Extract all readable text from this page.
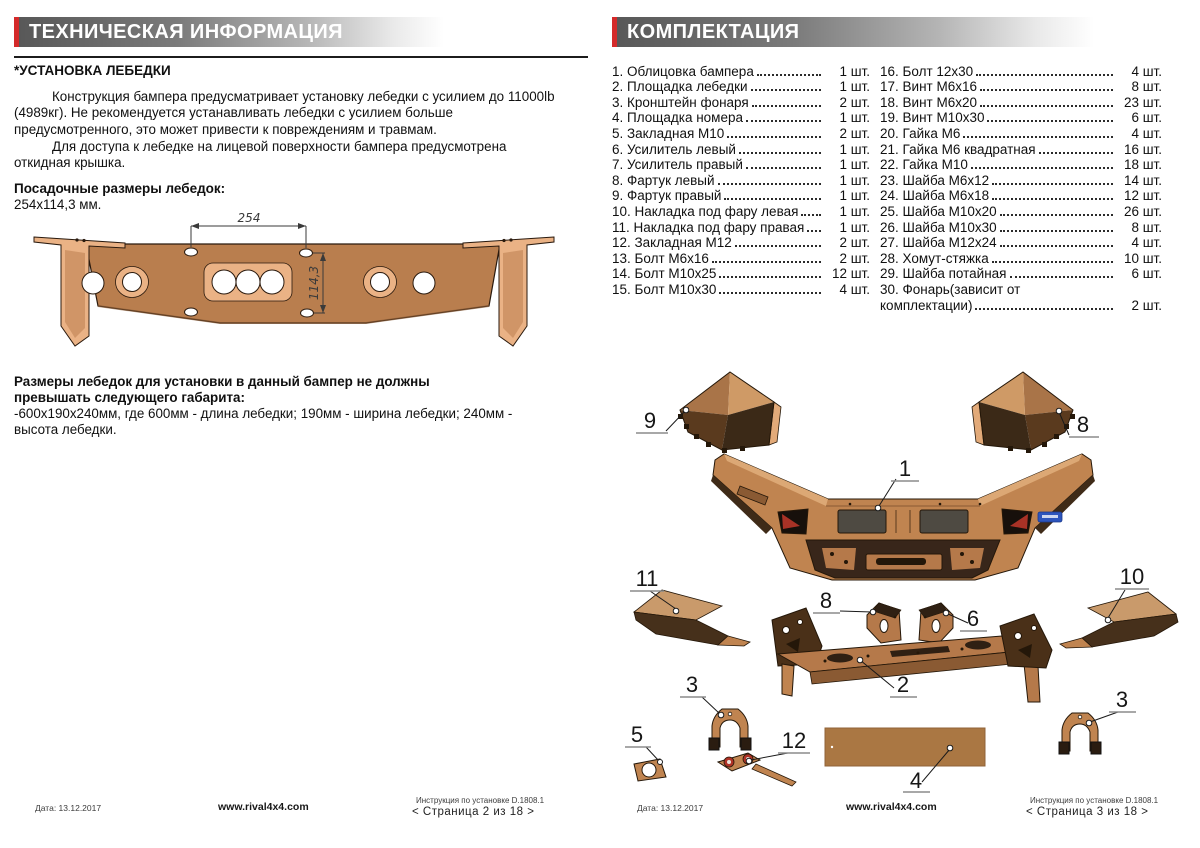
ТЕХНИЧЕСКАЯ ИНФОРМАЦИЯ
*УСТАНОВКА ЛЕБЕДКИ

Конструкция бампера предусматривает установку лебедки с усилием до 11000lb (4989кг). Не рекомендуется устанавливать лебедки с усилием больше предусмотренного, это может привести к повреждениям и травмам.

Для доступа к лебедке на лицевой поверхности бампера предусмотрена откидная крышка.

Посадочные размеры лебедок:
254х114,3 мм.
254
114,3

Размеры лебедок для установки в данный бампер не должны превышать следующего габарита:

-600х190х240мм, где 600мм - длина лебедки; 190мм - ширина лебедки; 240мм - высота лебедки.

Дата: 13.12.2017	www.rival4x4.com
Инструкция по установке D.1808.1
< Страница 2 из 18 >
КОМПЛЕКТАЦИЯ
1. Облицовка бампера	1 шт.
2. Площадка лебедки	1 шт.
3. Кронштейн фонаря	2 шт.
4. Площадка номера	1 шт.
5. Закладная М10	2 шт.
6. Усилитель левый	1 шт.
7. Усилитель правый	1 шт.
8. Фартук левый	1 шт.
9. Фартук правый	1 шт.
10. Накладка под фару левая	1 шт.
11. Накладка под фару правая	1 шт.
12. Закладная М12	2 шт.
13. Болт М6х16	2 шт.
14. Болт М10х25	12 шт.
15. Болт М10х30	4 шт.
16. Болт 12х30	4 шт.
17. Винт М6х16	8 шт.
18. Винт М6х20	23 шт.
19. Винт М10х30	6 шт.
20. Гайка М6	4 шт.
21. Гайка М6 квадратная	16 шт.
22. Гайка М10	18 шт.
23. Шайба М6х12	14 шт.
24. Шайба М6х18	12 шт.
25. Шайба М10х20	26 шт.
26. Шайба М10х30	8 шт.
27. Шайба М12х24	4 шт.
28. Хомут-стяжка	10 шт.
29. Шайба потайная	6 шт.
30. Фонарь(зависит от
комплектации)	2 шт.
9	8
1
11
8
6
10
2
3
5	12
4
3
Дата: 13.12.2017	www.rival4x4.com
Инструкция по установке D.1808.1
< Страница 3 из 18 >
